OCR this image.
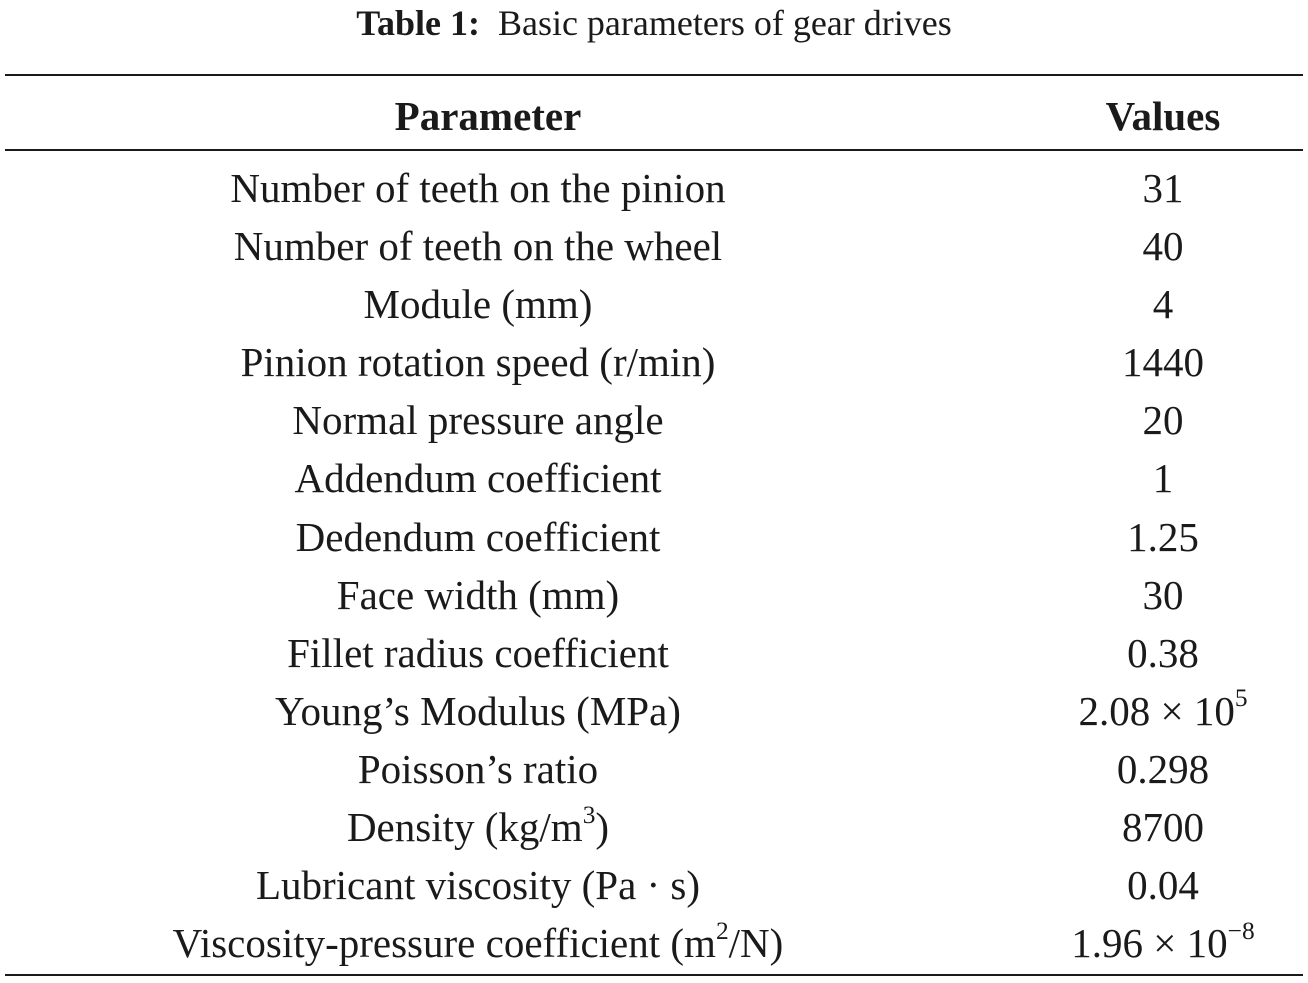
Table 1: Basic parameters of gear drives
Parameter	Values
Number of teeth on the pinion	31
Number of teeth on the wheel	40
Module (mm)	4
Pinion rotation speed (r/min)	1440
Normal pressure angle	20
Addendum coefficient	1
Dedendum coefficient	1.25
Face width (mm)	30
Fillet radius coefficient	0.38
Young’s Modulus (MPa)	$2.08 \times 10^5$
Poisson’s ratio	0.298
Density $(kg/m^3)$	8700
Lubricant viscosity (Pa · s)	0.04
Viscosity-pressure coefficient $(m^2/N)$	$1.96 \times 10^{-8}$
